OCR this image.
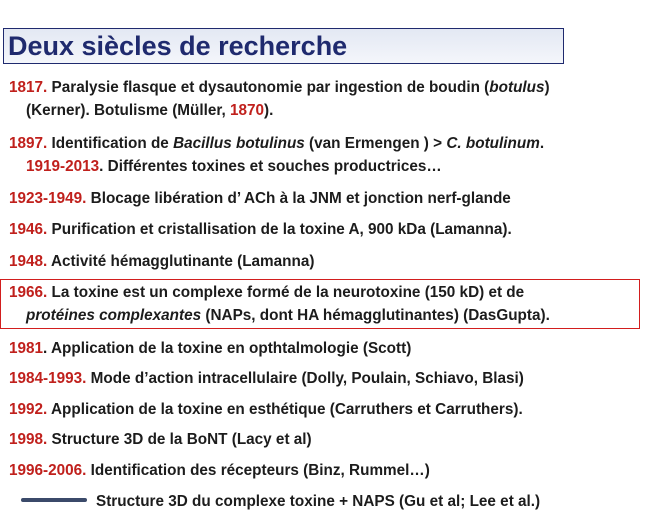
Deux siècles de recherche
1817. Paralysie flasque et dysautonomie par ingestion de boudin (botulus)
(Kerner). Botulisme (Müller, 1870).
1897. Identification de Bacillus botulinus (van Ermengen ) > C. botulinum.
1919-2013. Différentes toxines et souches productrices…
1923-1949. Blocage libération d’ ACh à la JNM et jonction nerf-glande
1946. Purification et cristallisation de la toxine A, 900 kDa (Lamanna).
1948. Activité hémagglutinante (Lamanna)
1966. La toxine est un complexe formé de la neurotoxine (150 kD) et de
protéines complexantes (NAPs, dont HA hémagglutinantes) (DasGupta).
1981. Application de la toxine en opthtalmologie (Scott)
1984-1993. Mode d’action intracellulaire (Dolly, Poulain, Schiavo, Blasi)
1992. Application de la toxine en esthétique (Carruthers et Carruthers).
1998. Structure 3D de la BoNT (Lacy et al)
1996-2006. Identification des récepteurs (Binz, Rummel…)
Structure 3D du complexe toxine + NAPS (Gu et al; Lee et al.)
